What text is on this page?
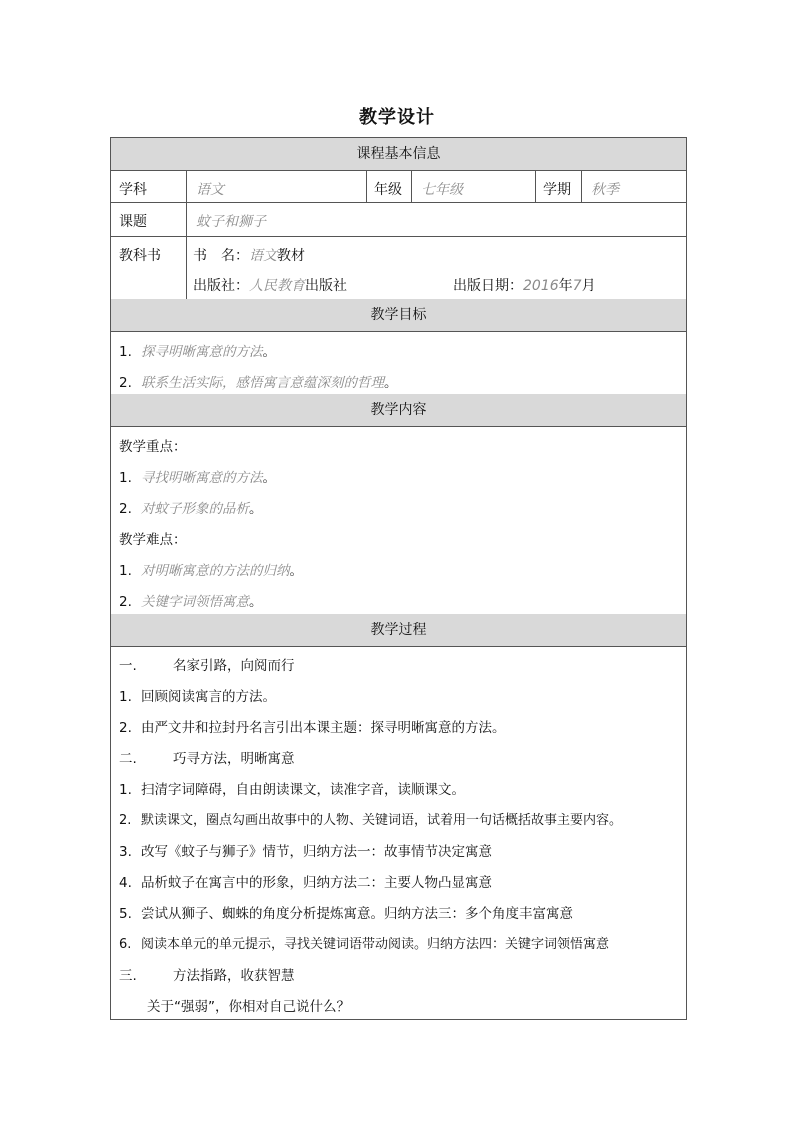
教学设计
课程基本信息
学科	语文	年级 七年级	学期 秋季
课题	蚊子和狮子
教科书 书　名：语文教材
出版社：人民教育出版社	出版日期：2016年7月
教学目标
1. 探寻明晰寓意的方法。
2. 联系生活实际，感悟寓言意蕴深刻的哲理。
教学内容
教学重点：
1. 寻找明晰寓意的方法。
2. 对蚊子形象的品析。
教学难点：
1. 对明晰寓意的方法的归纳。
2. 关键字词领悟寓意。
教学过程
一.	名家引路，向阅而行
1. 回顾阅读寓言的方法。
2. 由严文井和拉封丹名言引出本课主题：探寻明晰寓意的方法。
二.	巧寻方法，明晰寓意
1. 扫清字词障碍，自由朗读课文，读准字音，读顺课文。
2. 默读课文，圈点勾画出故事中的人物、关键词语，试着用一句话概括故事主要内容。
3. 改写《蚊子与狮子》情节，归纳方法一：故事情节决定寓意
4. 品析蚊子在寓言中的形象，归纳方法二：主要人物凸显寓意
5. 尝试从狮子、蜘蛛的角度分析提炼寓意。归纳方法三：多个角度丰富寓意
6. 阅读本单元的单元提示，寻找关键词语带动阅读。归纳方法四：关键字词领悟寓意
三.	方法指路，收获智慧
关于“强弱”，你相对自己说什么？
